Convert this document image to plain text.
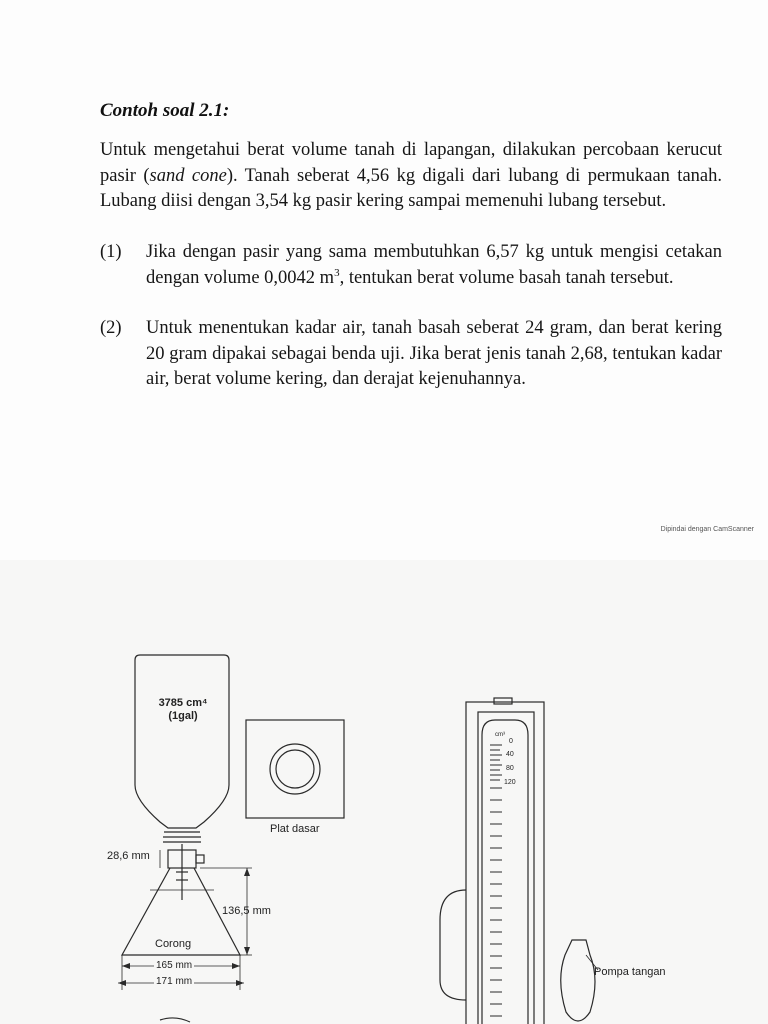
Contoh soal 2.1:
Untuk mengetahui berat volume tanah di lapangan, dilakukan percobaan kerucut pasir (sand cone). Tanah seberat 4,56 kg digali dari lubang di permukaan tanah. Lubang diisi dengan 3,54 kg pasir kering sampai memenuhi lubang tersebut.
(1) Jika dengan pasir yang sama membutuhkan 6,57 kg untuk mengisi cetakan dengan volume 0,0042 $m^3$, tentukan berat volume basah tanah tersebut.
(2) Untuk menentukan kadar air, tanah basah seberat 24 gram, dan berat kering 20 gram dipakai sebagai benda uji. Jika berat jenis tanah 2,68, tentukan kadar air, berat volume kering, dan derajat kejenuhannya.
Dipindai dengan CamScanner
3785 cm⁴
(1gal)
Plat dasar
28,6 mm
136,5 mm
Corong
165 mm
171 mm
Pompa tangan
cm³
0
40
80
120
